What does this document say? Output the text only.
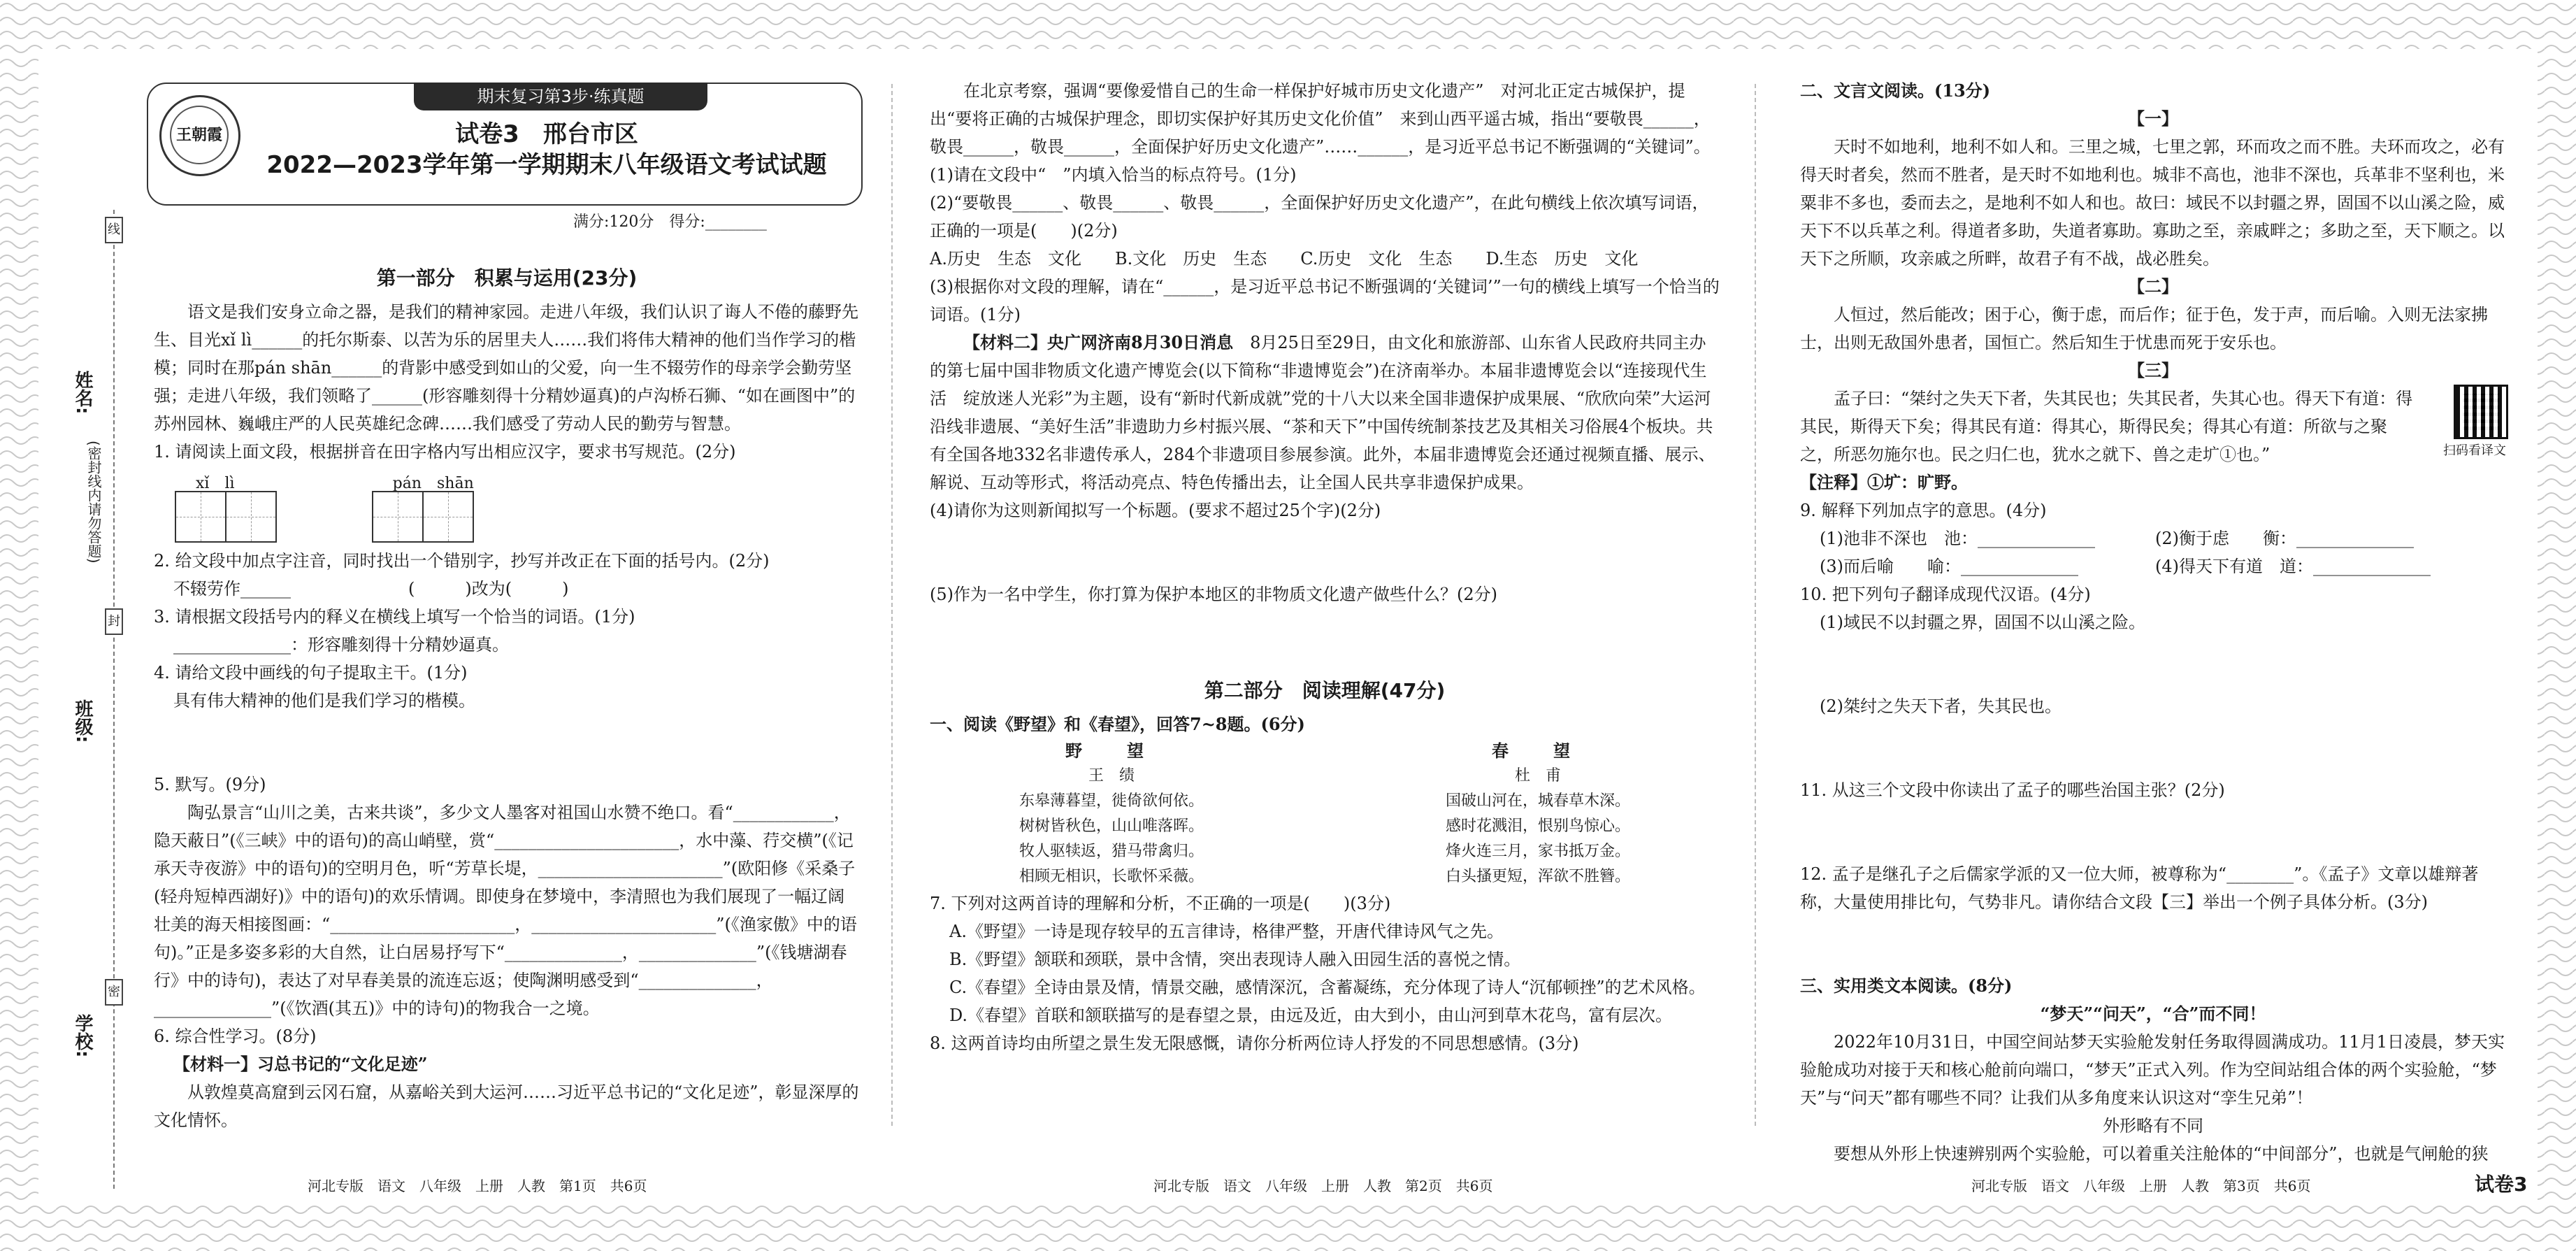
线
封
密
姓名:
(密封线内请勿答题)
班级:
学校:
期末复习第3步·练真题
王朝霞	试卷3　邢台市区
2022—2023学年第一学期期末八年级语文考试试题
满分:120分　得分:________
第一部分　积累与运用(23分)

语文是我们安身立命之器，是我们的精神家园。走进八年级，我们认识了诲人不倦的藤野先生、目光xǐ lì______的托尔斯泰、以苦为乐的居里夫人……我们将伟大精神的他们当作学习的楷模；同时在那pán shān______的背影中感受到如山的父爱，向一生不辍劳作的母亲学会勤劳坚强；走进八年级，我们领略了______(形容雕刻得十分精妙逼真)的卢沟桥石狮、“如在画图中”的苏州园林、巍峨庄严的人民英雄纪念碑……我们感受了劳动人民的勤劳与智慧。

1. 请阅读上面文段，根据拼音在田字格内写出相应汉字，要求书写规范。(2分)

xǐ　lì
	pán　shān

2. 给文段中加点字注音，同时找出一个错别字，抄写并改正在下面的括号内。(2分)

不辍劳作______　　　　　　　(　　　)改为(　　　)

3. 请根据文段括号内的释义在横线上填写一个恰当的词语。(1分)

______________：形容雕刻得十分精妙逼真。

4. 请给文段中画线的句子提取主干。(1分)

具有伟大精神的他们是我们学习的楷模。

5. 默写。(9分)

陶弘景言“山川之美，古来共谈”，多少文人墨客对祖国山水赞不绝口。看“____________，隐天蔽日”(《三峡》中的语句)的高山峭壁，赏“______________________，水中藻、荇交横”(《记承天寺夜游》中的语句)的空明月色，听“芳草长堤，______________________”(欧阳修《采桑子(轻舟短棹西湖好)》中的语句)的欢乐情调。即使身在梦境中，李清照也为我们展现了一幅辽阔壮美的海天相接图画：“______________________，______________________”(《渔家傲》中的语句)。”正是多姿多彩的大自然，让白居易抒写下“______________，______________”(《钱塘湖春行》中的诗句)，表达了对早春美景的流连忘返；使陶渊明感受到“______________，______________”(《饮酒(其五)》中的诗句)的物我合一之境。

6. 综合性学习。(8分)

【材料一】习总书记的“文化足迹”

从敦煌莫高窟到云冈石窟，从嘉峪关到大运河……习近平总书记的“文化足迹”，彰显深厚的文化情怀。

河北专版　语文　八年级　上册　人教　第1页　共6页

在北京考察，强调“要像爱惜自己的生命一样保护好城市历史文化遗产”　对河北正定古城保护，提出“要将正确的古城保护理念，即切实保护好其历史文化价值”　来到山西平遥古城，指出“要敬畏______，敬畏______，敬畏______，全面保护好历史文化遗产”……______，是习近平总书记不断强调的“关键词”。

(1)请在文段中“　”内填入恰当的标点符号。(1分)

(2)“要敬畏______、敬畏______、敬畏______，全面保护好历史文化遗产”，在此句横线上依次填写词语，正确的一项是(　　)(2分)

A.历史　生态　文化　　B.文化　历史　生态　　C.历史　文化　生态　　D.生态　历史　文化

(3)根据你对文段的理解，请在“______，是习近平总书记不断强调的‘关键词’”一句的横线上填写一个恰当的词语。(1分)

【材料二】央广网济南8月30日消息　 8月25日至29日，由文化和旅游部、山东省人民政府共同主办的第七届中国非物质文化遗产博览会(以下简称“非遗博览会”)在济南举办。本届非遗博览会以“连接现代生活　绽放迷人光彩”为主题，设有“新时代新成就”党的十八大以来全国非遗保护成果展、“欣欣向荣”大运河沿线非遗展、“美好生活”非遗助力乡村振兴展、“茶和天下”中国传统制茶技艺及其相关习俗展4个板块。共有全国各地332名非遗传承人，284个非遗项目参展参演。此外，本届非遗博览会还通过视频直播、展示、解说、互动等形式，将活动亮点、特色传播出去，让全国人民共享非遗保护成果。

(4)请你为这则新闻拟写一个标题。(要求不超过25个字)(2分)

(5)作为一名中学生，你打算为保护本地区的非物质文化遗产做些什么？(2分)

第二部分　阅读理解(47分)

一、阅读《野望》和《春望》，回答7~8题。(6分)

野　望
王　绩
东皋薄暮望，徙倚欲何依。
树树皆秋色，山山唯落晖。
牧人驱犊返，猎马带禽归。
相顾无相识，长歌怀采薇。
春　望
杜　甫
国破山河在，城春草木深。
感时花溅泪，恨别鸟惊心。
烽火连三月，家书抵万金。
白头搔更短，浑欲不胜簪。

7. 下列对这两首诗的理解和分析，不正确的一项是(　　)(3分)

A.《野望》一诗是现存较早的五言律诗，格律严整，开唐代律诗风气之先。

B.《野望》颔联和颈联，景中含情，突出表现诗人融入田园生活的喜悦之情。

C.《春望》全诗由景及情，情景交融，感情深沉，含蓄凝练，充分体现了诗人“沉郁顿挫”的艺术风格。

D.《春望》首联和颔联描写的是春望之景，由远及近，由大到小，由山河到草木花鸟，富有层次。

8. 这两首诗均由所望之景生发无限感慨，请你分析两位诗人抒发的不同思想感情。(3分)

河北专版　语文　八年级　上册　人教　第2页　共6页

二、文言文阅读。(13分)

【一】

天时不如地利，地利不如人和。三里之城，七里之郭，环而攻之而不胜。夫环而攻之，必有得天时者矣，然而不胜者，是天时不如地利也。城非不高也，池非不深也，兵革非不坚利也，米粟非不多也，委而去之，是地利不如人和也。故曰：域民不以封疆之界，固国不以山溪之险，威天下不以兵革之利。得道者多助，失道者寡助。寡助之至，亲戚畔之；多助之至，天下顺之。以天下之所顺，攻亲戚之所畔，故君子有不战，战必胜矣。

【二】

人恒过，然后能改；困于心，衡于虑，而后作；征于色，发于声，而后喻。入则无法家拂士，出则无敌国外患者，国恒亡。然后知生于忧患而死于安乐也。

【三】

孟子曰：“桀纣之失天下者，失其民也；失其民者，失其心也。得天下有道：得其民，斯得天下矣；得其民有道：得其心，斯得民矣；得其心有道：所欲与之聚之，所恶勿施尔也。民之归仁也，犹水之就下、兽之走圹①也。”

【注释】①圹：旷野。

9. 解释下列加点字的意思。(4分)

(1)池非不深也　池：______________	(2)衡于虑　　衡：______________
(3)而后喻　　喻：______________	(4)得天下有道　道：______________

10. 把下列句子翻译成现代汉语。(4分)

(1)域民不以封疆之界，固国不以山溪之险。

(2)桀纣之失天下者，失其民也。

11. 从这三个文段中你读出了孟子的哪些治国主张？(2分)

12. 孟子是继孔子之后儒家学派的又一位大师，被尊称为“________”。《孟子》文章以雄辩著称，大量使用排比句，气势非凡。请你结合文段【三】举出一个例子具体分析。(3分)

三、实用类文本阅读。(8分)

“梦天”“问天”，“合”而不同！

2022年10月31日，中国空间站梦天实验舱发射任务取得圆满成功。11月1日凌晨，梦天实验舱成功对接于天和核心舱前向端口，“梦天”正式入列。作为空间站组合体的两个实验舱，“梦天”与“问天”都有哪些不同？让我们从多角度来认识这对“孪生兄弟”！

外形略有不同

要想从外形上快速辨别两个实验舱，可以着重关注舱体的“中间部分”，也就是气闸舱的狭

扫码看译文
河北专版　语文　八年级　上册　人教　第3页　共6页	试卷3
